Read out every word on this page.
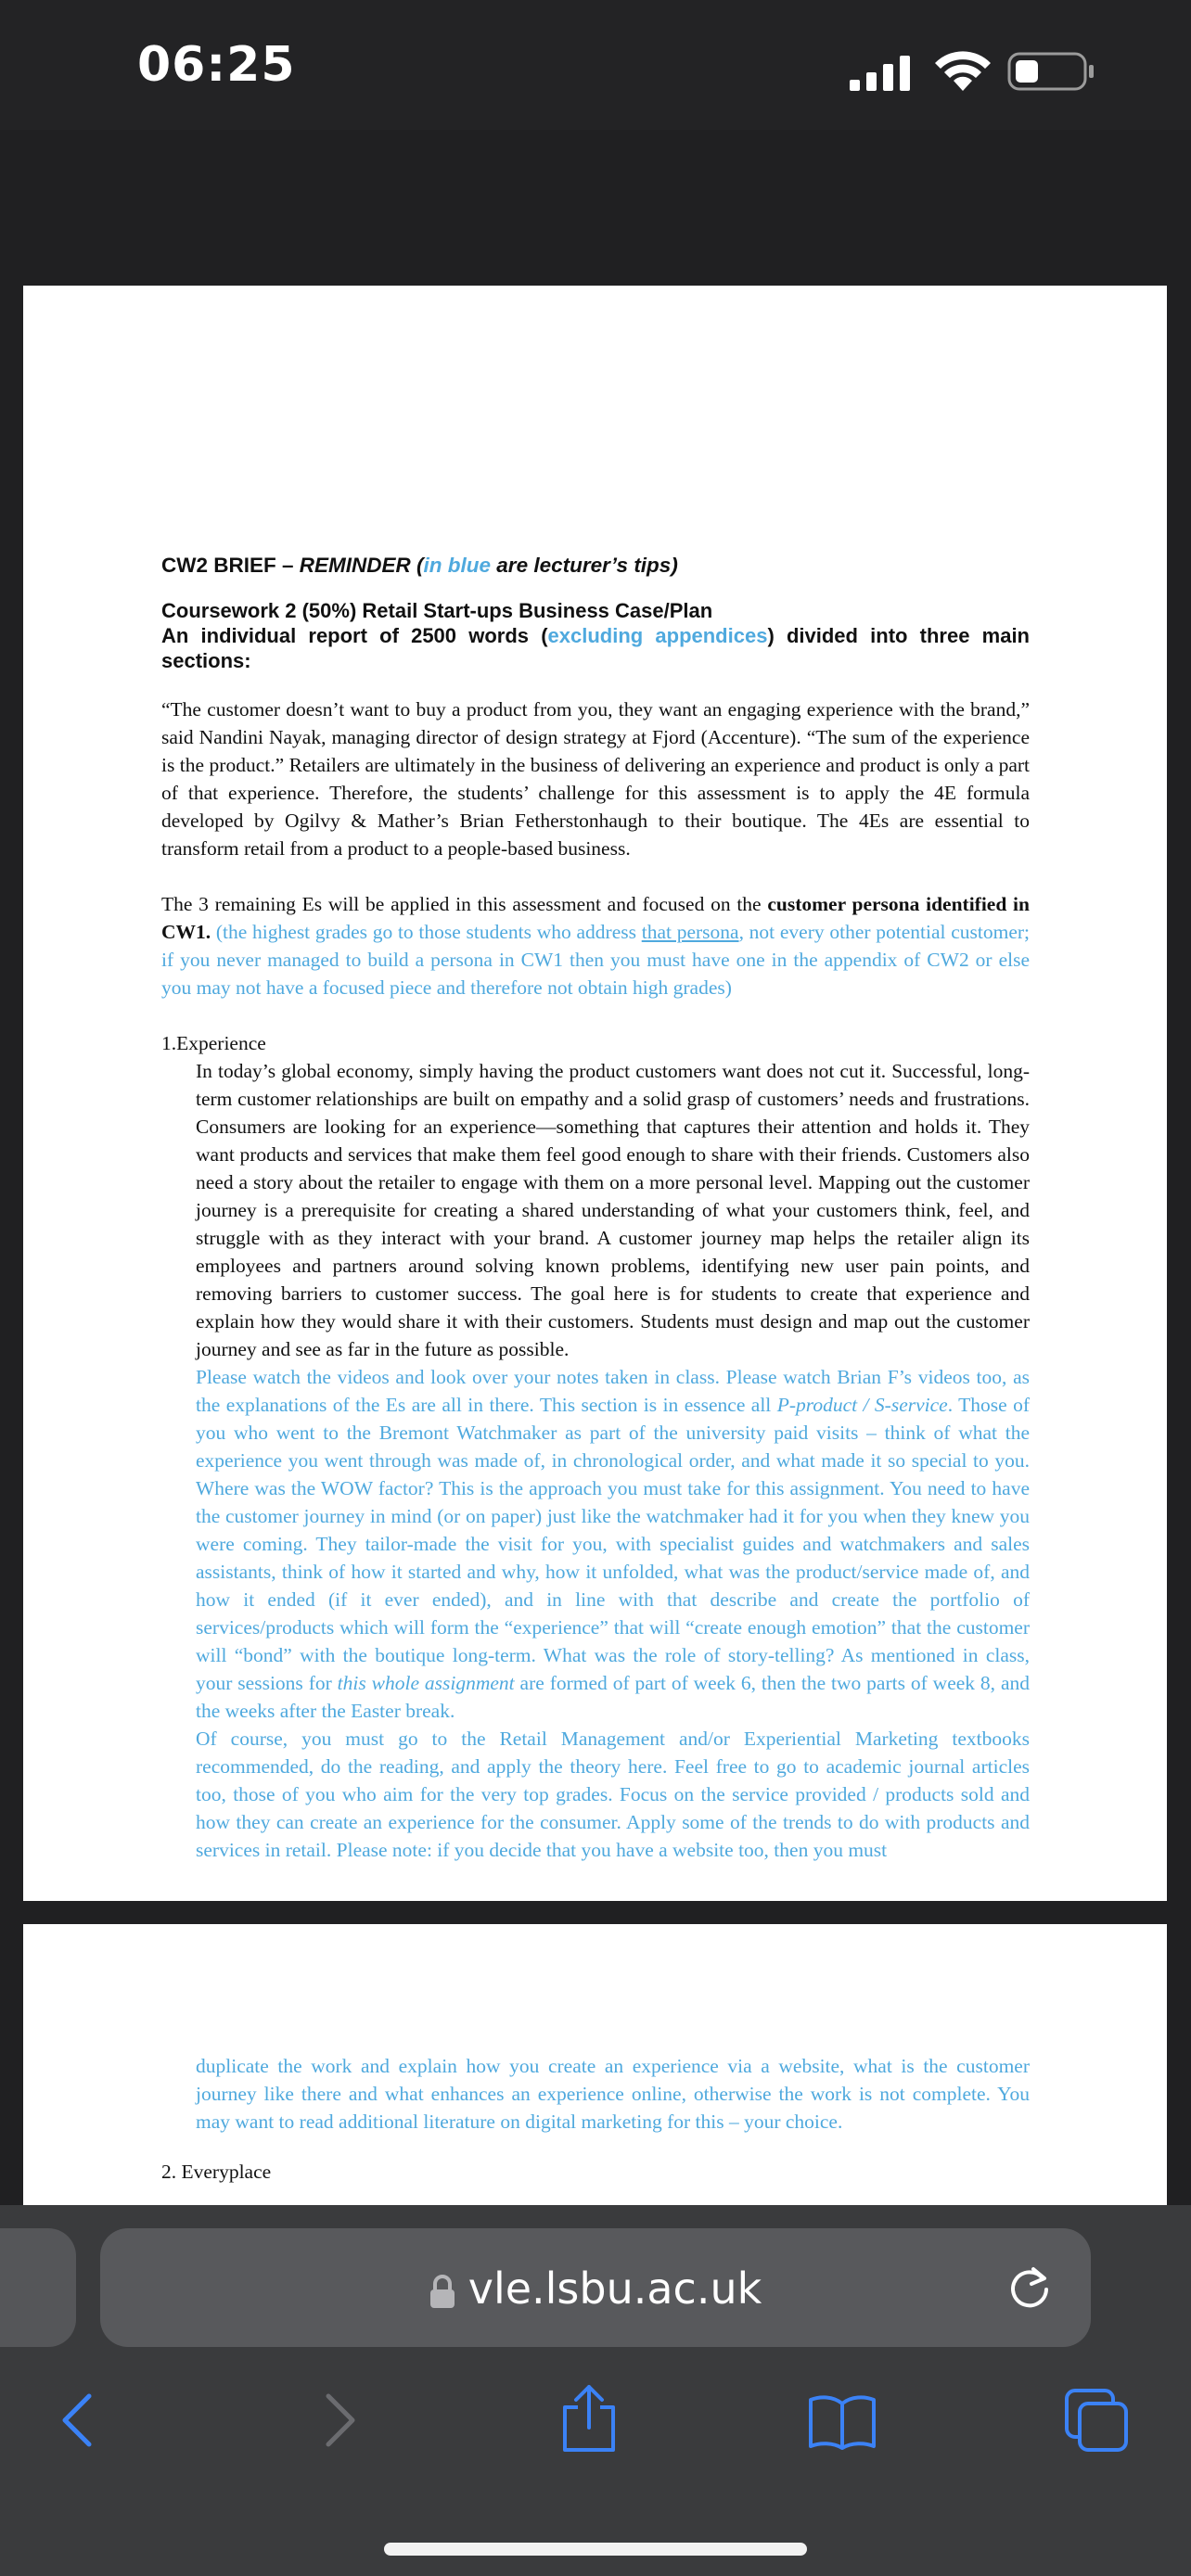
06:25

CW2 BRIEF – REMINDER (in blue are lecturer’s tips)

Coursework 2 (50%) Retail Start-ups Business Case/Plan

An individual report of 2500 words (excluding appendices) divided into three main sections:

“The customer doesn’t want to buy a product from you, they want an engaging experience with the brand,” said Nandini Nayak, managing director of design strategy at Fjord (Accenture). “The sum of the experience is the product.” Retailers are ultimately in the business of delivering an experience and product is only a part of that experience. Therefore, the students’ challenge for this assessment is to apply the 4E formula developed by Ogilvy & Mather’s Brian Fetherstonhaugh to their boutique. The 4Es are essential to transform retail from a product to a people-based business.

The 3 remaining Es will be applied in this assessment and focused on the customer persona identified in CW1. (the highest grades go to those students who address that persona, not every other potential customer; if you never managed to build a persona in CW1 then you must have one in the appendix of CW2 or else you may not have a focused piece and therefore not obtain high grades)

1.Experience

In today’s global economy, simply having the product customers want does not cut it. Successful, long-term customer relationships are built on empathy and a solid grasp of customers’ needs and frustrations. Consumers are looking for an experience—something that captures their attention and holds it. They want products and services that make them feel good enough to share with their friends. Customers also need a story about the retailer to engage with them on a more personal level. Mapping out the customer journey is a prerequisite for creating a shared understanding of what your customers think, feel, and struggle with as they interact with your brand. A customer journey map helps the retailer align its employees and partners around solving known problems, identifying new user pain points, and removing barriers to customer success. The goal here is for students to create that experience and explain how they would share it with their customers. Students must design and map out the customer journey and see as far in the future as possible.

Please watch the videos and look over your notes taken in class. Please watch Brian F’s videos too, as the explanations of the Es are all in there. This section is in essence all P-product / S-service. Those of you who went to the Bremont Watchmaker as part of the university paid visits – think of what the experience you went through was made of, in chronological order, and what made it so special to you. Where was the WOW factor? This is the approach you must take for this assignment. You need to have the customer journey in mind (or on paper) just like the watchmaker had it for you when they knew you were coming. They tailor-made the visit for you, with specialist guides and watchmakers and sales assistants, think of how it started and why, how it unfolded, what was the product/service made of, and how it ended (if it ever ended), and in line with that describe and create the portfolio of services/products which will form the “experience” that will “create enough emotion” that the customer will “bond” with the boutique long-term. What was the role of story-telling? As mentioned in class, your sessions for this whole assignment are formed of part of week 6, then the two parts of week 8, and the weeks after the Easter break.

Of course, you must go to the Retail Management and/or Experiential Marketing textbooks recommended, do the reading, and apply the theory here. Feel free to go to academic journal articles too, those of you who aim for the very top grades. Focus on the service provided / products sold and how they can create an experience for the consumer. Apply some of the trends to do with products and services in retail. Please note: if you decide that you have a website too, then you must

duplicate the work and explain how you create an experience via a website, what is the customer journey like there and what enhances an experience online, otherwise the work is not complete. You may want to read additional literature on digital marketing for this – your choice.

2. Everyplace

vle.lsbu.ac.uk
